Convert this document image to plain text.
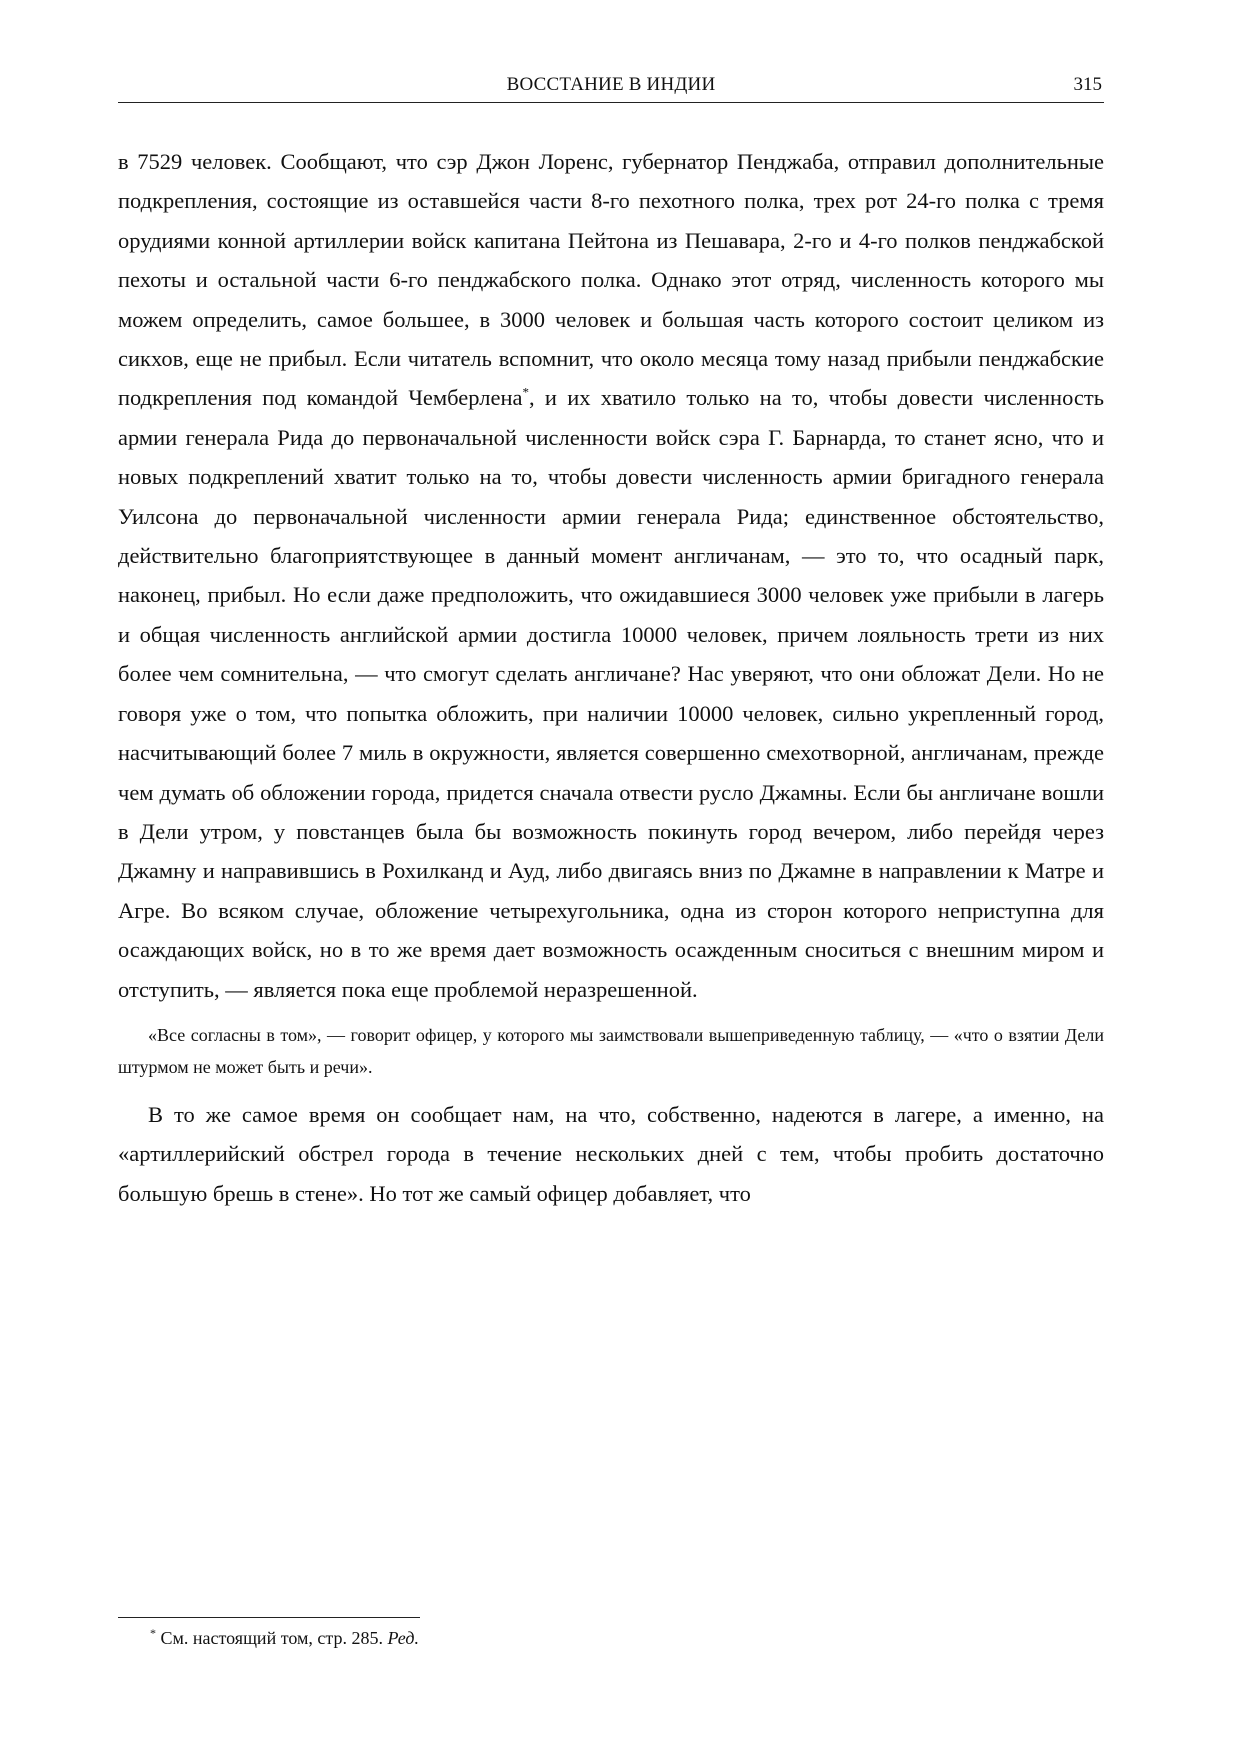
ВОССТАНИЕ В ИНДИИ	315

в 7529 человек. Сообщают, что сэр Джон Лоренс, губернатор Пенджаба, отправил дополнительные подкрепления, состоящие из оставшейся части 8-го пехотного полка, трех рот 24-го полка с тремя орудиями конной артиллерии войск капитана Пейтона из Пешавара, 2-го и 4-го полков пенджабской пехоты и остальной части 6-го пенджабского полка. Однако этот отряд, численность которого мы можем определить, самое большее, в 3000 человек и большая часть которого состоит целиком из сикхов, еще не прибыл. Если читатель вспомнит, что около месяца тому назад прибыли пенджабские подкрепления под командой Чемберлена*, и их хватило только на то, чтобы довести численность армии генерала Рида до первоначальной численности войск сэра Г. Барнарда, то станет ясно, что и новых подкреплений хватит только на то, чтобы довести численность армии бригадного генерала Уилсона до первоначальной численности армии генерала Рида; единственное обстоятельство, действительно благоприятствующее в данный момент англичанам, — это то, что осадный парк, наконец, прибыл. Но если даже предположить, что ожидавшиеся 3000 человек уже прибыли в лагерь и общая численность английской армии достигла 10000 человек, причем лояльность трети из них более чем сомнительна, — что смогут сделать англичане? Нас уверяют, что они обложат Дели. Но не говоря уже о том, что попытка обложить, при наличии 10000 человек, сильно укрепленный город, насчитывающий более 7 миль в окружности, является совершенно смехотворной, англичанам, прежде чем думать об обложении города, придется сначала отвести русло Джамны. Если бы англичане вошли в Дели утром, у повстанцев была бы возможность покинуть город вечером, либо перейдя через Джамну и направившись в Рохилканд и Ауд, либо двигаясь вниз по Джамне в направлении к Матре и Агре. Во всяком случае, обложение четырехугольника, одна из сторон которого неприступна для осаждающих войск, но в то же время дает возможность осажденным сноситься с внешним миром и отступить, — является пока еще проблемой неразрешенной.

«Все согласны в том», — говорит офицер, у которого мы заимствовали вышеприведенную таблицу, — «что о взятии Дели штурмом не может быть и речи».

В то же самое время он сообщает нам, на что, собственно, надеются в лагере, а именно, на «артиллерийский обстрел города в течение нескольких дней с тем, чтобы пробить достаточно большую брешь в стене». Но тот же самый офицер добавляет, что

* См. настоящий том, стр. 285. Ред.
